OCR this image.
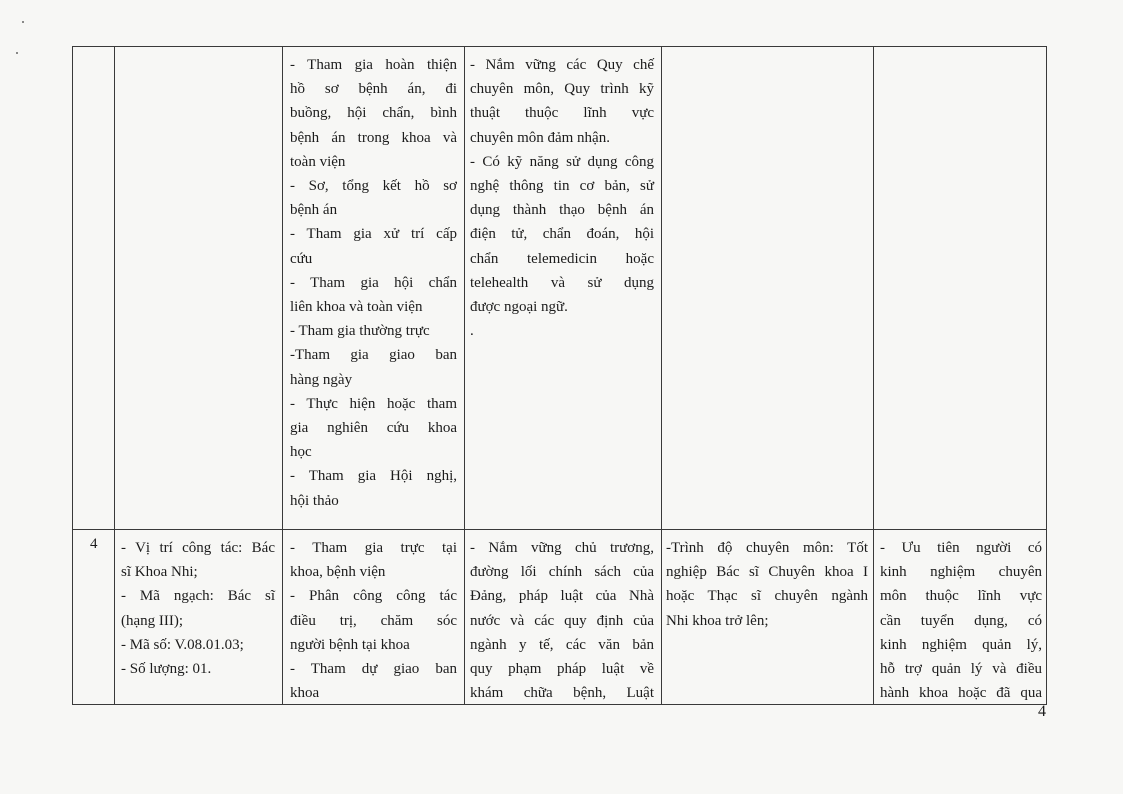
- Tham gia hoàn thiện
hồ sơ bệnh án, đi
buồng, hội chẩn, bình
bệnh án trong khoa và
toàn viện
- Sơ, tổng kết hồ sơ
bệnh án
- Tham gia xử trí cấp
cứu
- Tham gia hội chẩn
liên khoa và toàn viện
- Tham gia thường trực
-Tham gia giao ban
hàng ngày
- Thực hiện hoặc tham
gia nghiên cứu khoa
học
- Tham gia Hội nghị,
hội thảo
- Nắm vững các Quy chế
chuyên môn, Quy trình kỹ
thuật thuộc lĩnh vực
chuyên môn đảm nhận.
- Có kỹ năng sử dụng công
nghệ thông tin cơ bản, sử
dụng thành thạo bệnh án
điện tử, chẩn đoán, hội
chẩn telemedicin hoặc
telehealth và sử dụng
được ngoại ngữ.
.
4 - Vị trí công tác: Bác
sĩ Khoa Nhi;
- Mã ngạch: Bác sĩ
(hạng III);
- Mã số: V.08.01.03;
- Số lượng: 01.
- Tham gia trực tại
khoa, bệnh viện
- Phân công công tác
điều trị, chăm sóc
người bệnh tại khoa
- Tham dự giao ban
khoa
- Nắm vững chủ trương,
đường lối chính sách của
Đảng, pháp luật của Nhà
nước và các quy định của
ngành y tế, các văn bản
quy phạm pháp luật về
khám chữa bệnh, Luật
-Trình độ chuyên môn: Tốt
nghiệp Bác sĩ Chuyên khoa I
hoặc Thạc sĩ chuyên ngành
Nhi khoa trở lên;
- Ưu tiên người có
kinh nghiệm chuyên
môn thuộc lĩnh vực
cần tuyển dụng, có
kinh nghiệm quản lý,
hỗ trợ quản lý và điều
hành khoa hoặc đã qua
4
